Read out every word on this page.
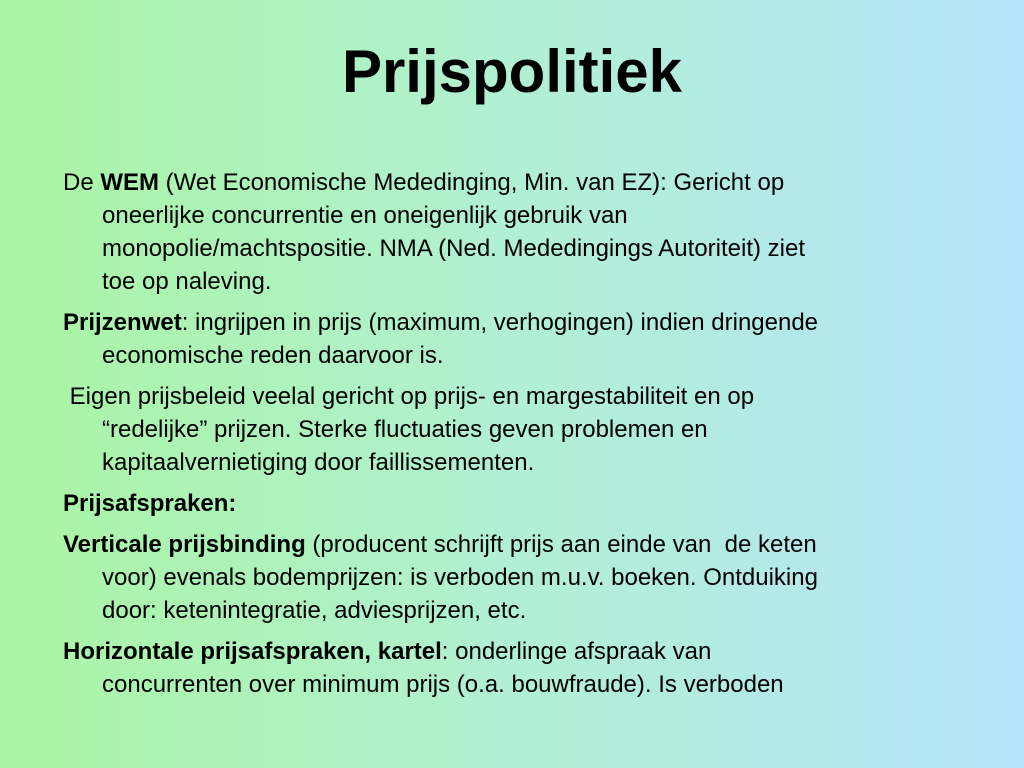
Prijspolitiek

De WEM (Wet Economische Mededinging, Min. van EZ): Gericht op
oneerlijke concurrentie en oneigenlijk gebruik van
monopolie/machtspositie. NMA (Ned. Mededingings Autoriteit) ziet
toe op naleving.

Prijzenwet: ingrijpen in prijs (maximum, verhogingen) indien dringende
economische reden daarvoor is.

Eigen prijsbeleid veelal gericht op prijs- en margestabiliteit en op
“redelijke” prijzen. Sterke fluctuaties geven problemen en
kapitaalvernietiging door faillissementen.

Prijsafspraken:

Verticale prijsbinding (producent schrijft prijs aan einde van  de keten
voor) evenals bodemprijzen: is verboden m.u.v. boeken. Ontduiking
door: ketenintegratie, adviesprijzen, etc.

Horizontale prijsafspraken, kartel: onderlinge afspraak van
concurrenten over minimum prijs (o.a. bouwfraude). Is verboden
